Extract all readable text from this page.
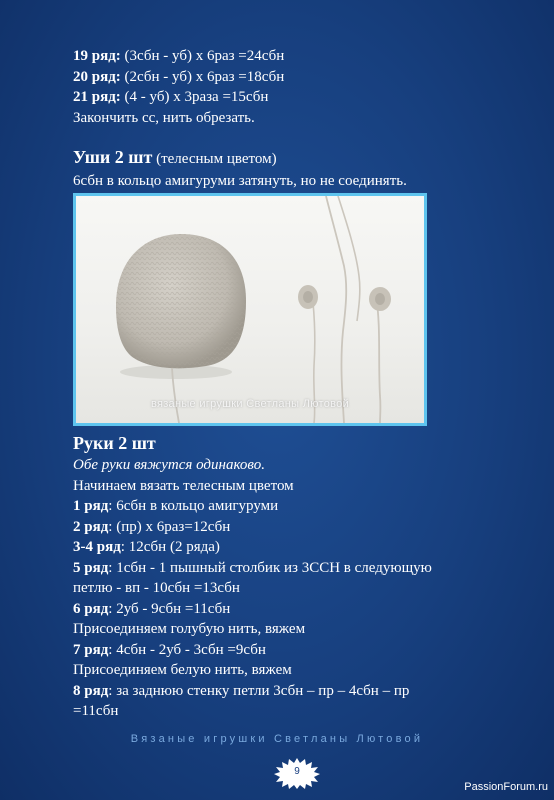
19 ряд: (3сбн - уб) х 6раз =24сбн
20 ряд: (2сбн - уб) х 6раз =18сбн
21 ряд: (4 - уб) х 3раза =15сбн
Закончить сс, нить обрезать.
Уши 2 шт (телесным цветом)
6сбн в кольцо амигуруми затянуть, но не соединять.
вязаные игрушки Светланы Лютовой
Руки 2 шт
Обе руки вяжутся одинаково.
Начинаем вязать телесным цветом
1 ряд: 6сбн в кольцо амигуруми
2 ряд: (пр) х 6раз=12сбн
3-4 ряд: 12сбн (2 ряда)
5 ряд: 1сбн - 1 пышный столбик из 3ССН в следующую
петлю - вп - 10сбн =13сбн
6 ряд: 2уб - 9сбн =11сбн
Присоединяем голубую нить, вяжем
7 ряд: 4сбн - 2уб - 3сбн =9сбн
Присоединяем белую нить, вяжем
8 ряд: за заднюю стенку петли 3сбн – пр – 4сбн – пр
=11сбн
Вязаные игрушки Светланы Лютовой
9
PassionForum.ru
